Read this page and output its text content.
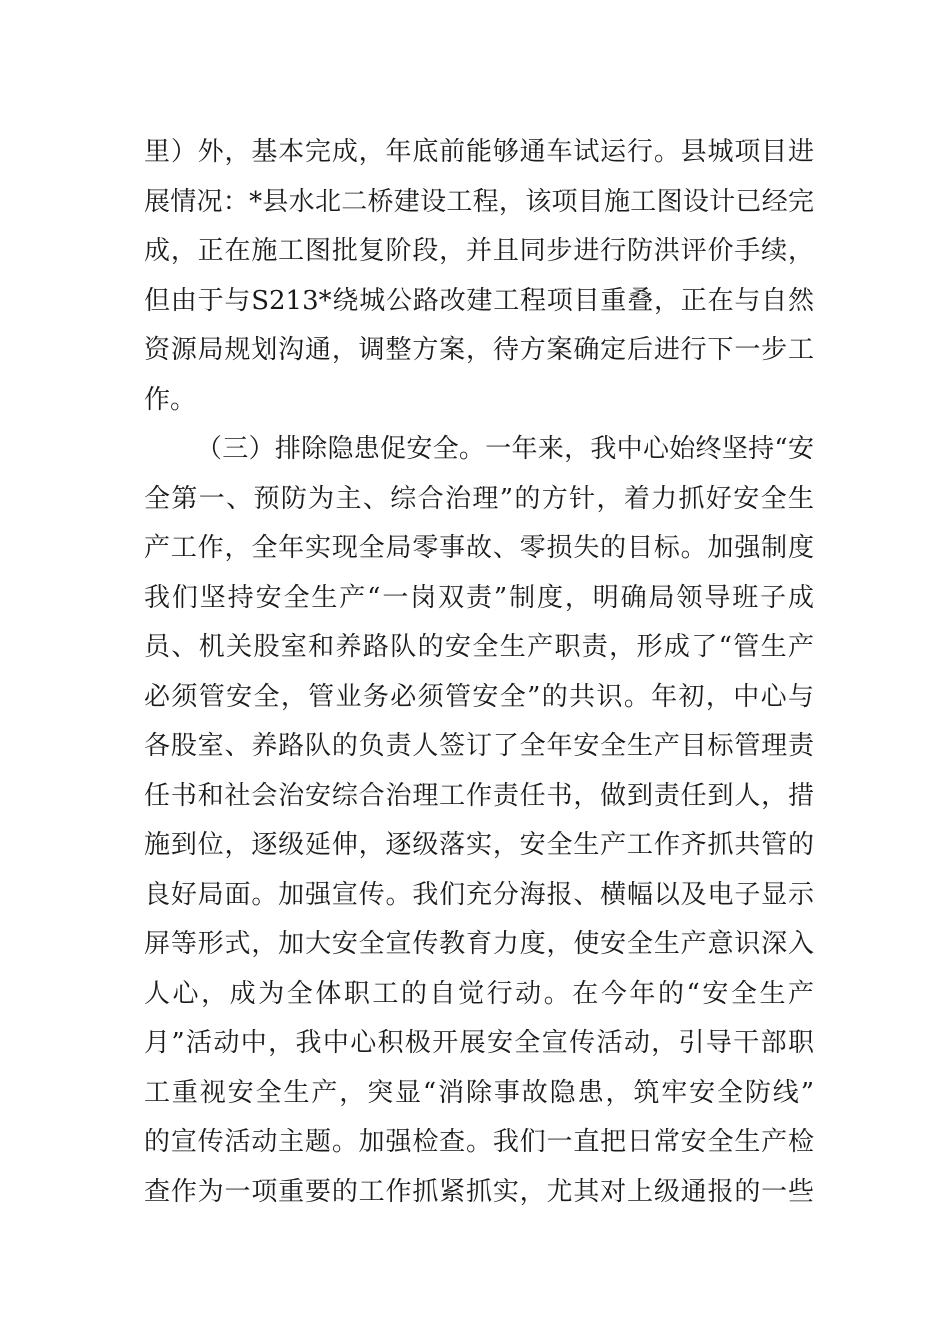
里）外，基本完成，年底前能够通车试运行。县城项目进
展情况：*县水北二桥建设工程，该项目施工图设计已经完
成，正在施工图批复阶段，并且同步进行防洪评价手续，
但由于与S213*绕城公路改建工程项目重叠，正在与自然
资源局规划沟通，调整方案，待方案确定后进行下一步工
作。
（三）排除隐患促安全。一年来，我中心始终坚持“安
全第一、预防为主、综合治理”的方针，着力抓好安全生
产工作，全年实现全局零事故、零损失的目标。加强制度
我们坚持安全生产“一岗双责”制度，明确局领导班子成
员、机关股室和养路队的安全生产职责，形成了“管生产
必须管安全，管业务必须管安全”的共识。年初，中心与
各股室、养路队的负责人签订了全年安全生产目标管理责
任书和社会治安综合治理工作责任书，做到责任到人，措
施到位，逐级延伸，逐级落实，安全生产工作齐抓共管的
良好局面。加强宣传。我们充分海报、横幅以及电子显示
屏等形式，加大安全宣传教育力度，使安全生产意识深入
人心，成为全体职工的自觉行动。在今年的“安全生产
月”活动中，我中心积极开展安全宣传活动，引导干部职
工重视安全生产，突显“消除事故隐患，筑牢安全防线”
的宣传活动主题。加强检查。我们一直把日常安全生产检
查作为一项重要的工作抓紧抓实，尤其对上级通报的一些
